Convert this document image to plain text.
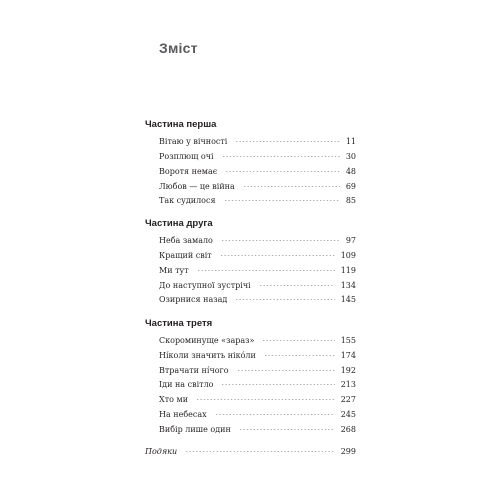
Зміст
Частина перша
Вітаю у вічності	11
Розплющ очі	30
Воротя немає	48
Любов — це війна	69
Так судилося	85
Частина друга
Неба замало	97
Кращий світ	109
Ми тут	119
До наступної зустрічі	134
Озирнися назад	145
Частина третя
Скороминуще «зараз»	155
Нíколи значить нікóли	174
Втрачати нíчого	192
Іди на світло	213
Хто ми	227
На небесах	245
Вибір лише один	268
Подяки	299
